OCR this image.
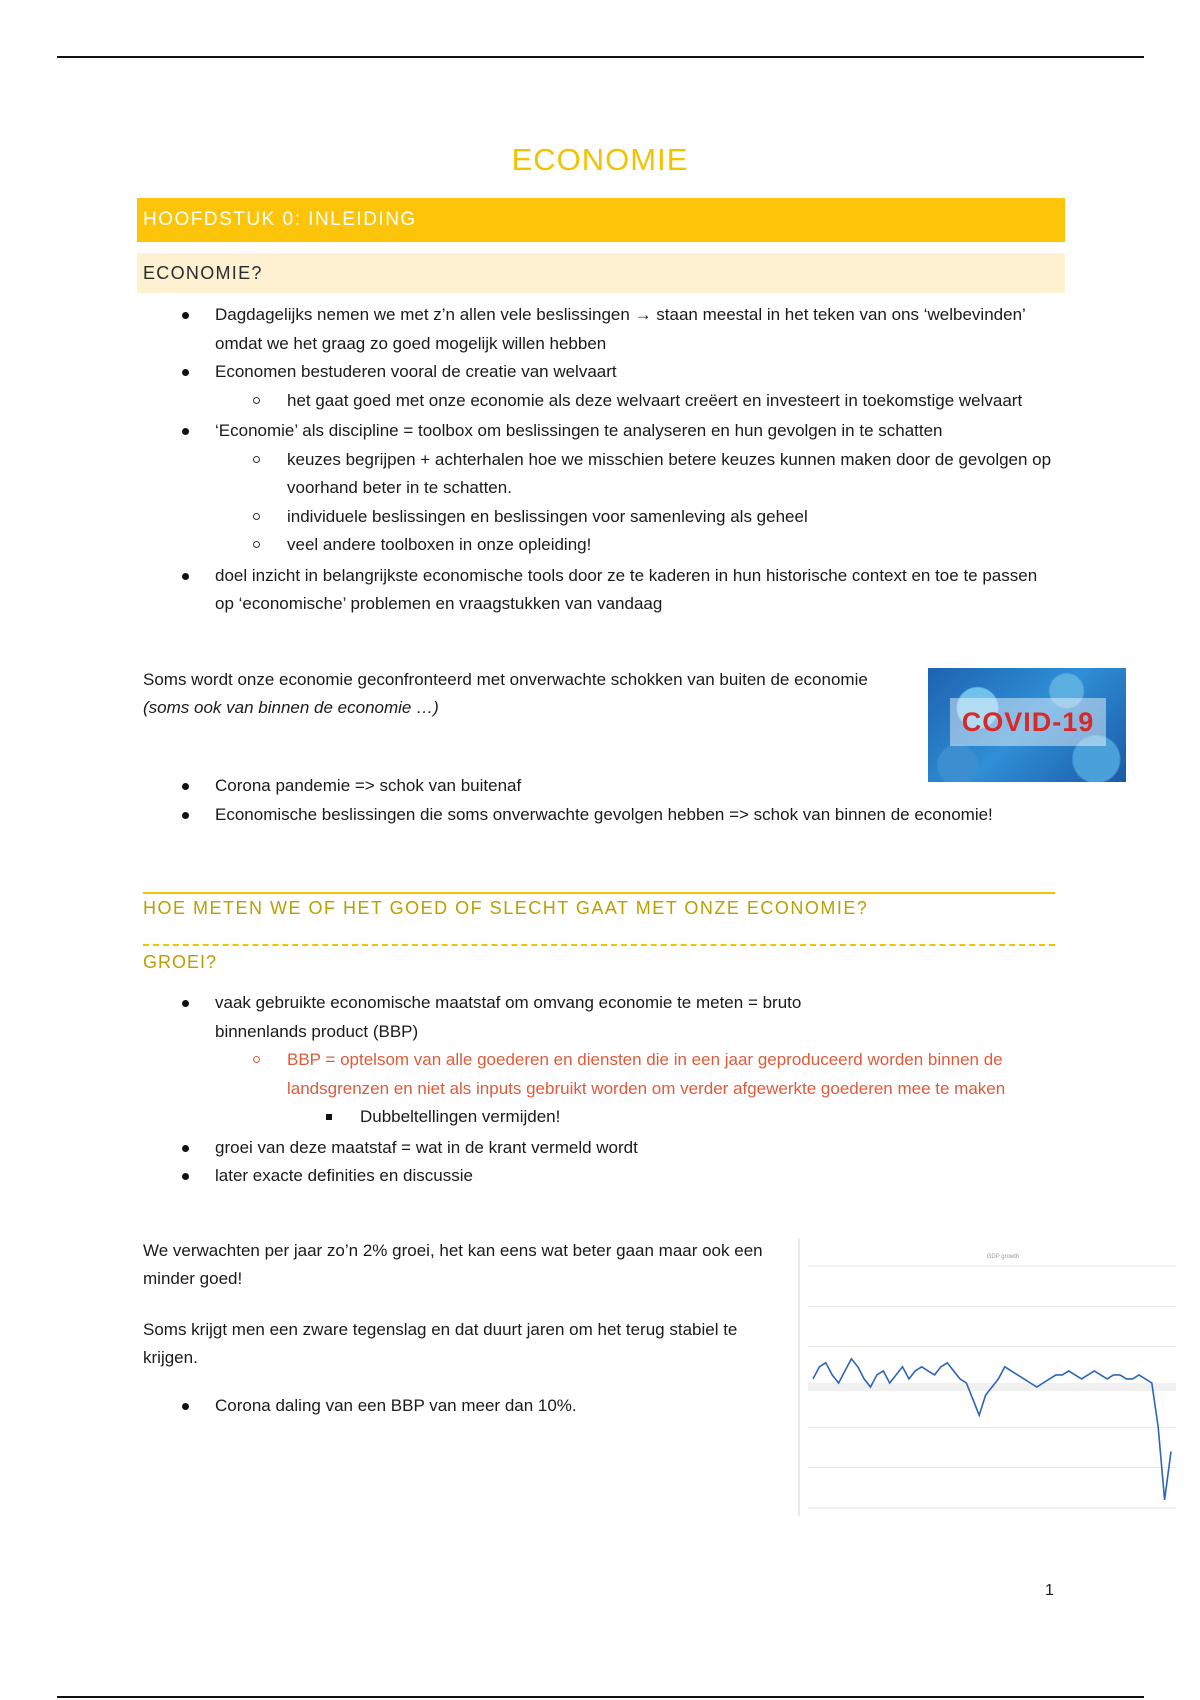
ECONOMIE
HOOFDSTUK 0: INLEIDING
ECONOMIE?
Dagdagelijks nemen we met z’n allen vele beslissingen → staan meestal in het teken van ons ‘welbevinden’ omdat we het graag zo goed mogelijk willen hebben
Economen bestuderen vooral de creatie van welvaart
het gaat goed met onze economie als deze welvaart creëert en investeert in toekomstige welvaart
‘Economie’ als discipline = toolbox om beslissingen te analyseren en hun gevolgen in te schatten
keuzes begrijpen + achterhalen hoe we misschien betere keuzes kunnen maken door de gevolgen op voorhand beter in te schatten.
individuele beslissingen en beslissingen voor samenleving als geheel
veel andere toolboxen in onze opleiding!
doel inzicht in belangrijkste economische tools door ze te kaderen in hun historische context en toe te passen op ‘economische’ problemen en vraagstukken van vandaag
Soms wordt onze economie geconfronteerd met onverwachte schokken van buiten de economie
(soms ook van binnen de economie …)	COVID-19
Corona pandemie => schok van buitenaf
Economische beslissingen die soms onverwachte gevolgen hebben => schok van binnen de economie!
HOE METEN WE OF HET GOED OF SLECHT GAAT MET ONZE ECONOMIE?
GROEI?
vaak gebruikte economische maatstaf om omvang economie te meten = bruto binnenlands product (BBP)
BBP = optelsom van alle goederen en diensten die in een jaar geproduceerd worden binnen de landsgrenzen en niet als inputs gebruikt worden om verder afgewerkte goederen mee te maken
Dubbeltellingen vermijden!
groei van deze maatstaf = wat in de krant vermeld wordt
later exacte definities en discussie
We verwachten per jaar zo’n 2% groei, het kan eens wat beter gaan maar ook een minder goed!
Soms krijgt men een zware tegenslag en dat duurt jaren om het terug stabiel te krijgen.
Corona daling van een BBP van meer dan 10%.
GDP growth
1
